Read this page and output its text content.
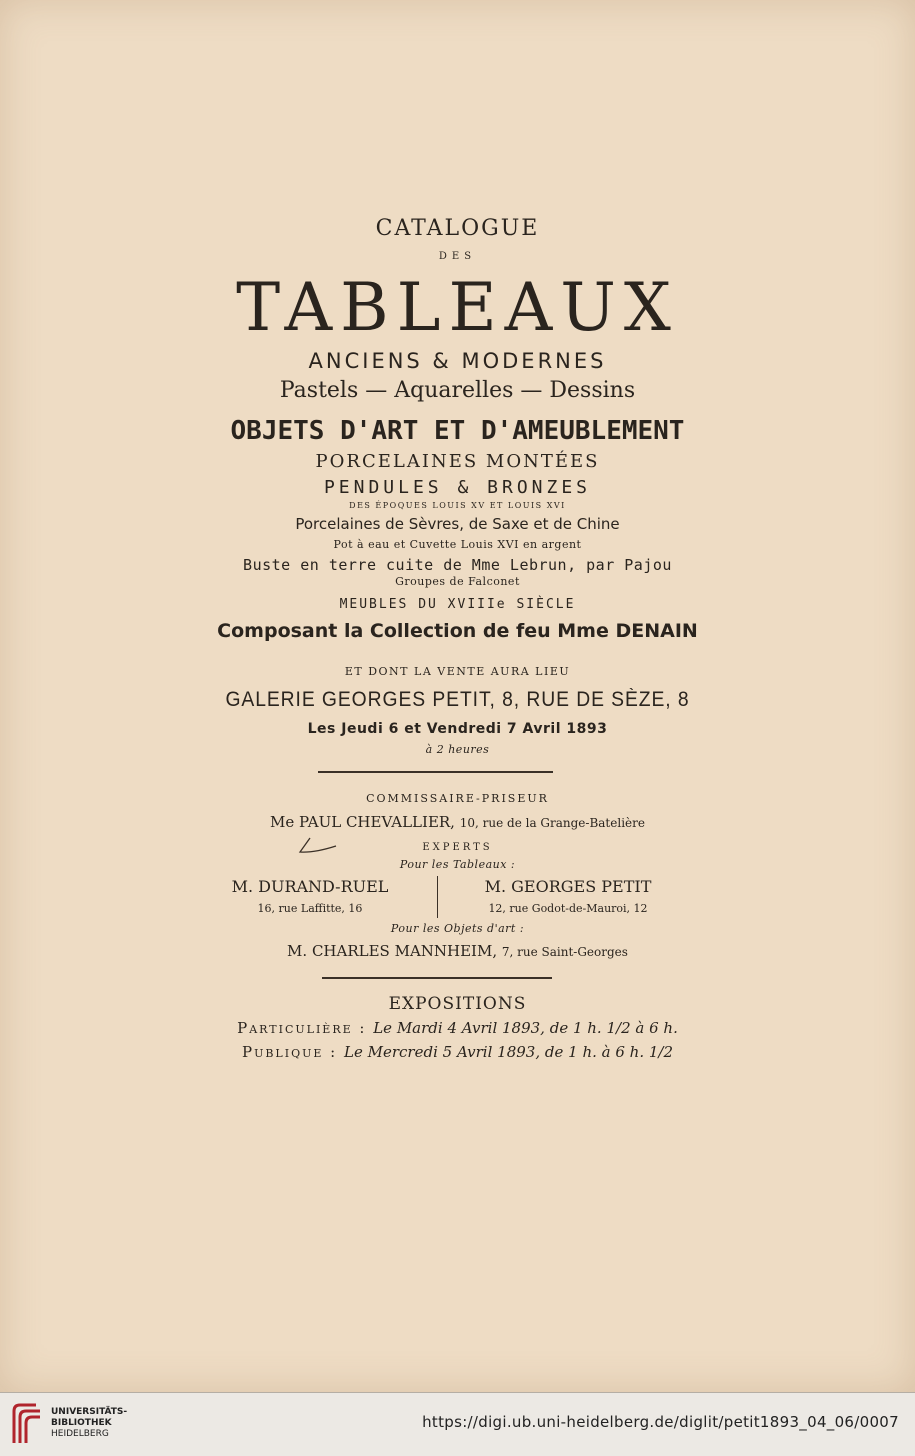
CATALOGUE
DES
TABLEAUX
ANCIENS & MODERNES
Pastels — Aquarelles — Dessins
OBJETS D'ART ET D'AMEUBLEMENT
PORCELAINES MONTÉES
PENDULES & BRONZES
DES ÉPOQUES LOUIS XV ET LOUIS XVI
Porcelaines de Sèvres, de Saxe et de Chine
Pot à eau et Cuvette Louis XVI en argent
Buste en terre cuite de Mme Lebrun, par Pajou
Groupes de Falconet
MEUBLES DU XVIIIe SIÈCLE
Composant la Collection de feu Mme DENAIN
ET DONT LA VENTE AURA LIEU
GALERIE GEORGES PETIT, 8, RUE DE SÈZE, 8
Les Jeudi 6 et Vendredi 7 Avril 1893
à 2 heures
COMMISSAIRE-PRISEUR
Me PAUL CHEVALLIER, 10, rue de la Grange-Batelière
EXPERTS
Pour les Tableaux :
M. DURAND-RUEL
16, rue Laffitte, 16
M. GEORGES PETIT
12, rue Godot-de-Mauroi, 12
Pour les Objets d'art :
M. CHARLES MANNHEIM, 7, rue Saint-Georges
EXPOSITIONS
Particulière : Le Mardi 4 Avril 1893, de 1 h. 1/2 à 6 h.
Publique : Le Mercredi 5 Avril 1893, de 1 h. à 6 h. 1/2
UNIVERSITÄTS-
BIBLIOTHEK
HEIDELBERG
https://digi.ub.uni-heidelberg.de/diglit/petit1893_04_06/0007
